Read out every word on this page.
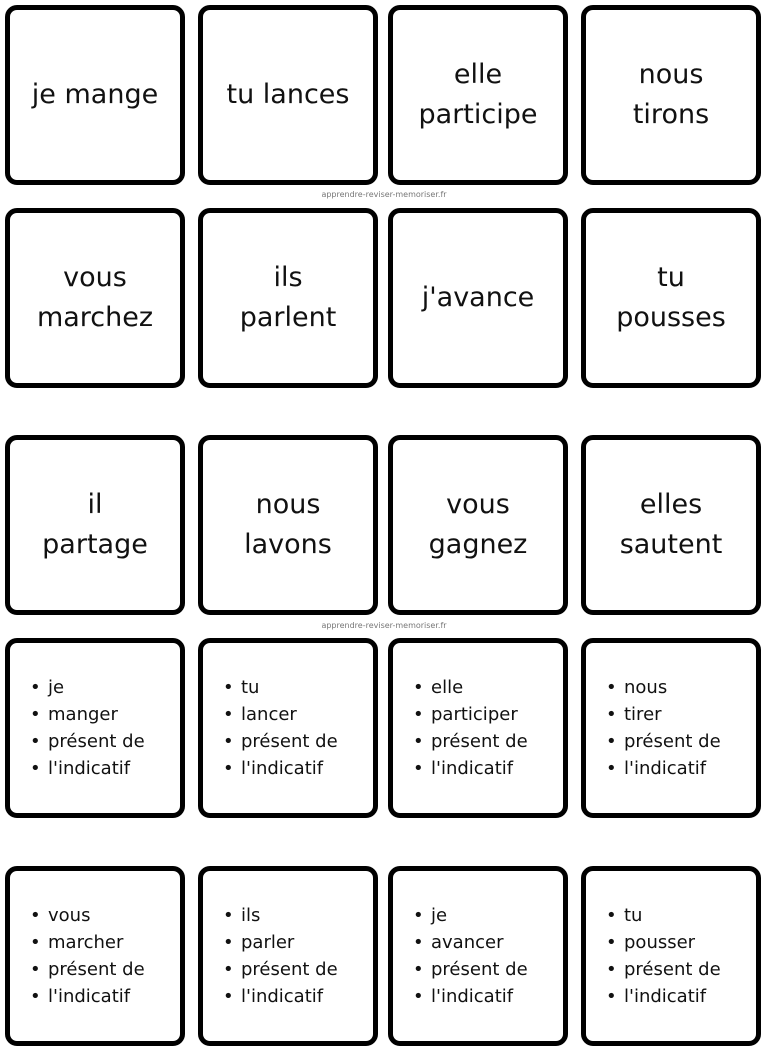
je mange	tu lances
elle
participe
nous
tirons
apprendre-reviser-memoriser.fr
vous
marchez
ils
parlent
j'avance
tu
pousses
il
partage
nous
lavons
vous
gagnez
elles
sautent
apprendre-reviser-memoriser.fr
• je
• manger
• présent de
• l'indicatif
• tu
• lancer
• présent de
• l'indicatif
• elle
• participer
• présent de
• l'indicatif
• nous
• tirer
• présent de
• l'indicatif
• vous
• marcher
• présent de
• l'indicatif
• ils
• parler
• présent de
• l'indicatif
• je
• avancer
• présent de
• l'indicatif
• tu
• pousser
• présent de
• l'indicatif
